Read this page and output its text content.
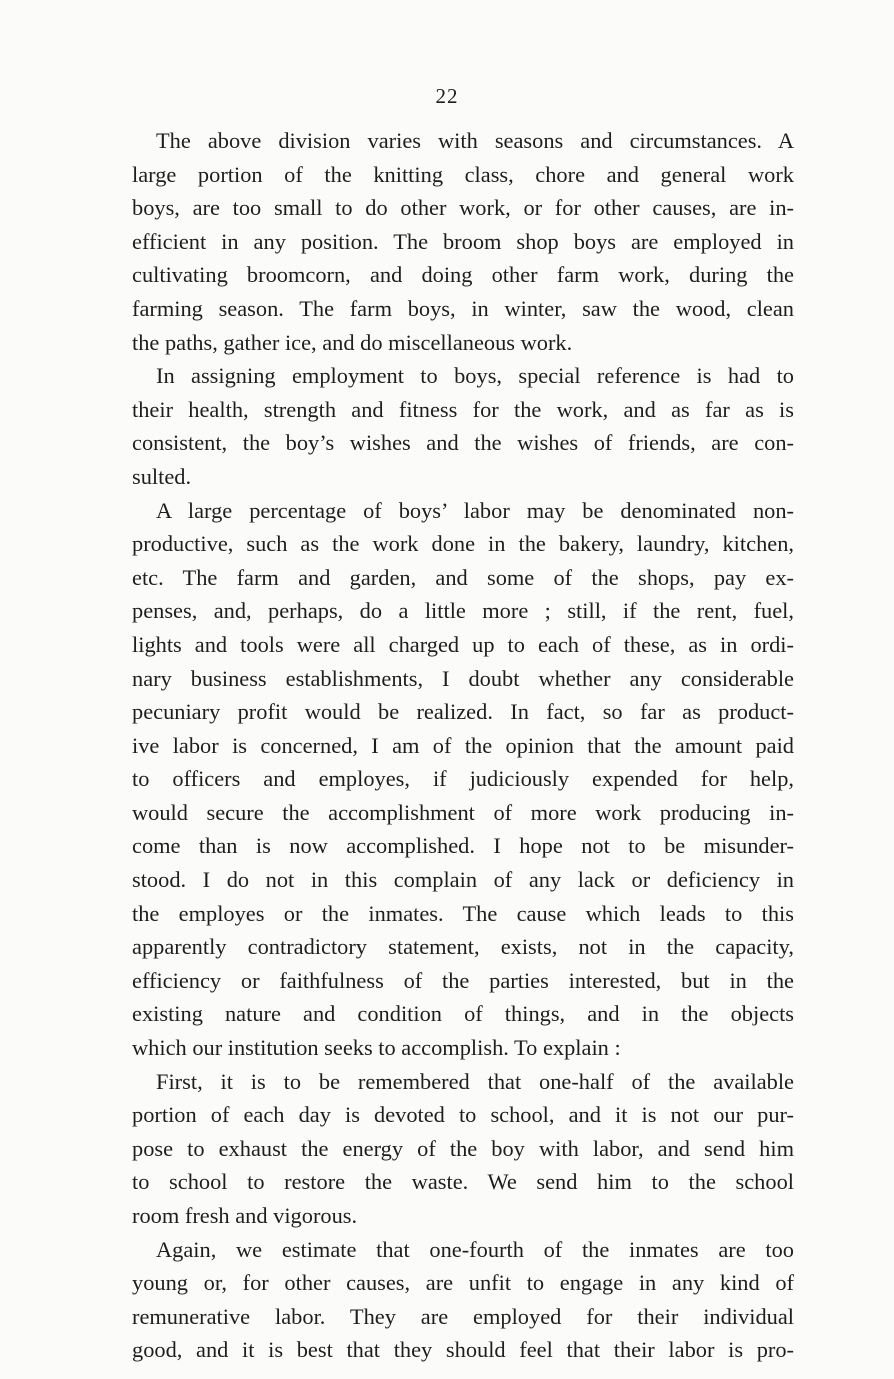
22
The above division varies with seasons and circumstances. A
large portion of the knitting class, chore and general work
boys, are too small to do other work, or for other causes, are in-
efficient in any position. The broom shop boys are employed in
cultivating broomcorn, and doing other farm work, during the
farming season. The farm boys, in winter, saw the wood, clean
the paths, gather ice, and do miscellaneous work.
In assigning employment to boys, special reference is had to
their health, strength and fitness for the work, and as far as is
consistent, the boy’s wishes and the wishes of friends, are con-
sulted.
A large percentage of boys’ labor may be denominated non-
productive, such as the work done in the bakery, laundry, kitchen,
etc. The farm and garden, and some of the shops, pay ex-
penses, and, perhaps, do a little more ; still, if the rent, fuel,
lights and tools were all charged up to each of these, as in ordi-
nary business establishments, I doubt whether any considerable
pecuniary profit would be realized. In fact, so far as product-
ive labor is concerned, I am of the opinion that the amount paid
to officers and employes, if judiciously expended for help,
would secure the accomplishment of more work producing in-
come than is now accomplished. I hope not to be misunder-
stood. I do not in this complain of any lack or deficiency in
the employes or the inmates. The cause which leads to this
apparently contradictory statement, exists, not in the capacity,
efficiency or faithfulness of the parties interested, but in the
existing nature and condition of things, and in the objects
which our institution seeks to accomplish. To explain :
First, it is to be remembered that one-half of the available
portion of each day is devoted to school, and it is not our pur-
pose to exhaust the energy of the boy with labor, and send him
to school to restore the waste. We send him to the school
room fresh and vigorous.
Again, we estimate that one-fourth of the inmates are too
young or, for other causes, are unfit to engage in any kind of
remunerative labor. They are employed for their individual
good, and it is best that they should feel that their labor is pro-
